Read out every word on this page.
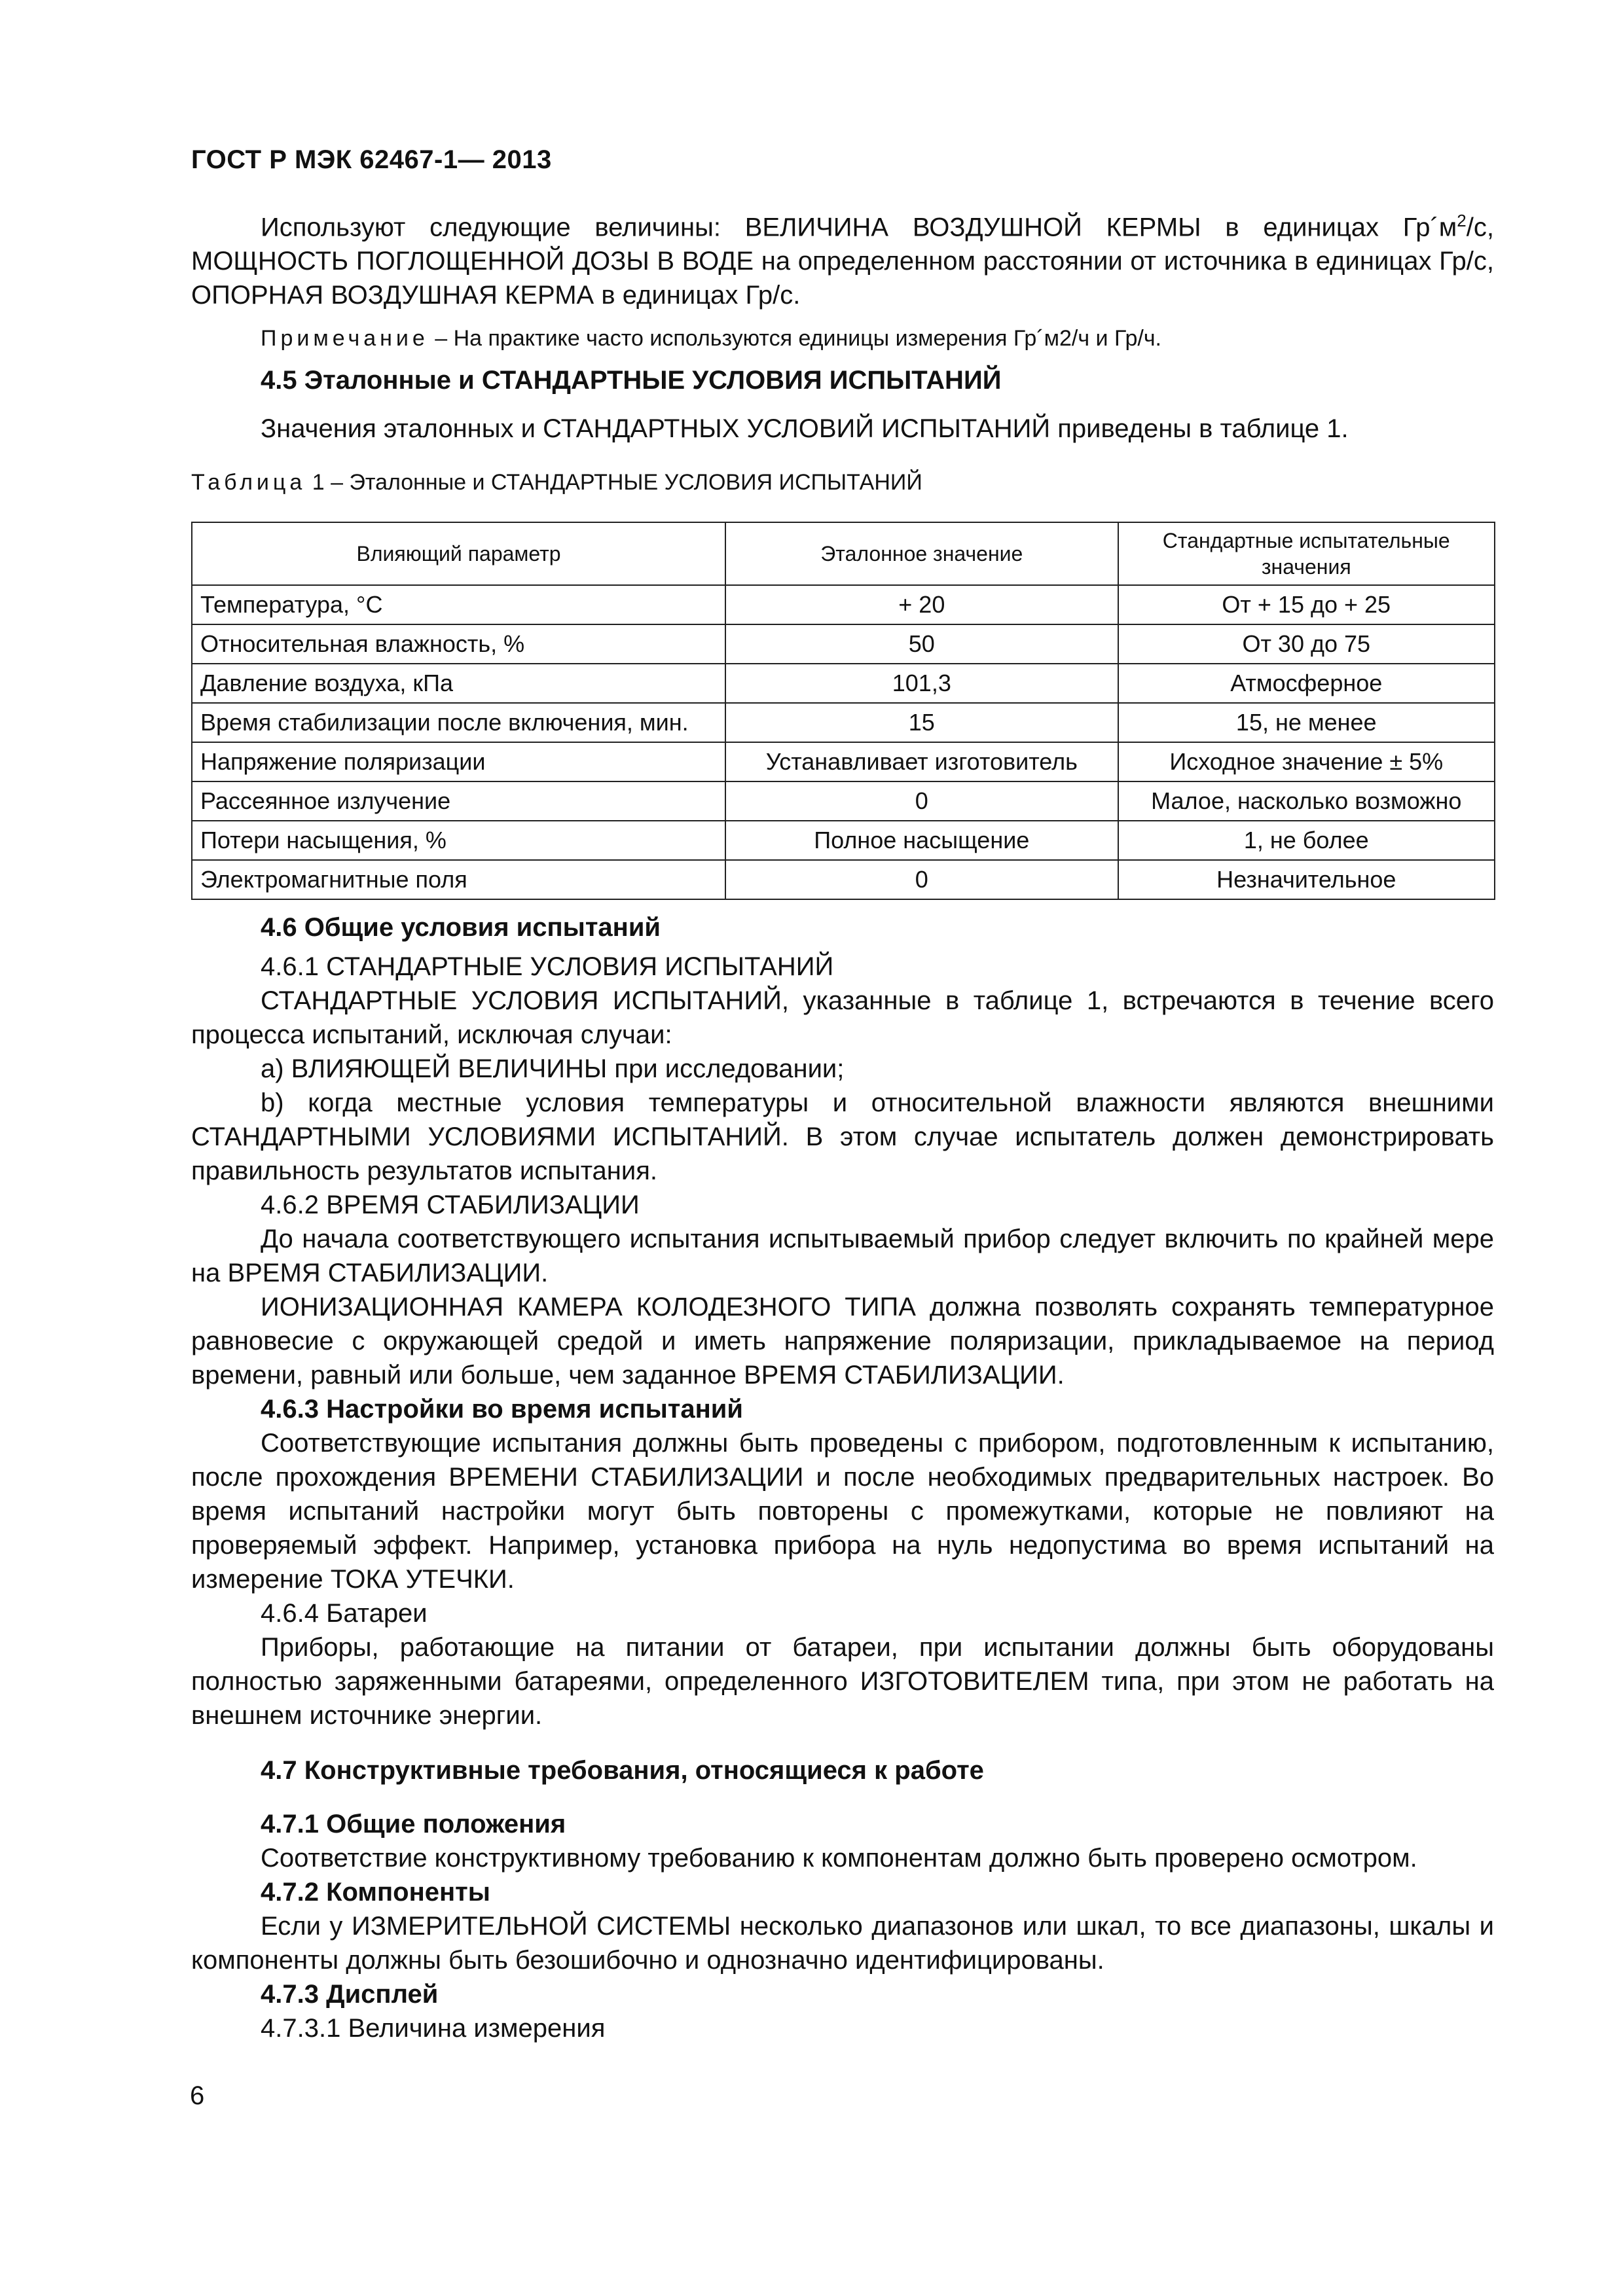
ГОСТ Р МЭК 62467-1— 2013

Используют следующие величины: ВЕЛИЧИНА ВОЗДУШНОЙ КЕРМЫ в единицах $Гр´м^2/с$, МОЩНОСТЬ ПОГЛОЩЕННОЙ ДОЗЫ В ВОДЕ на определенном расстоянии от источника в единицах Гр/с, ОПОРНАЯ ВОЗДУШНАЯ КЕРМА в единицах Гр/с.

Примечание – На практике часто используются единицы измерения Гр´м2/ч и Гр/ч.

4.5 Эталонные и СТАНДАРТНЫЕ УСЛОВИЯ ИСПЫТАНИЙ

Значения эталонных и СТАНДАРТНЫХ УСЛОВИЙ ИСПЫТАНИЙ приведены в таблице 1.

Таблица 1 – Эталонные и СТАНДАРТНЫЕ УСЛОВИЯ ИСПЫТАНИЙ

Влияющий параметр	Эталонное значение	Стандартные испытательные значения
Температура, °С	+ 20	От + 15 до + 25
Относительная влажность, %	50	От 30 до 75
Давление воздуха, кПа	101,3	Атмосферное
Время стабилизации после включения, мин.	15	15, не менее
Напряжение поляризации	Устанавливает изготовитель	Исходное значение ± 5%
Рассеянное излучение	0	Малое, насколько возможно
Потери насыщения, %	Полное насыщение	1, не более
Электромагнитные поля	0	Незначительное

4.6 Общие условия испытаний

4.6.1 СТАНДАРТНЫЕ УСЛОВИЯ ИСПЫТАНИЙ

СТАНДАРТНЫЕ УСЛОВИЯ ИСПЫТАНИЙ, указанные в таблице 1, встречаются в течение всего процесса испытаний, исключая случаи:

a) ВЛИЯЮЩЕЙ ВЕЛИЧИНЫ при исследовании;

b) когда местные условия температуры и относительной влажности являются внешними СТАНДАРТНЫМИ УСЛОВИЯМИ ИСПЫТАНИЙ. В этом случае испытатель должен демонстрировать правильность результатов испытания.

4.6.2 ВРЕМЯ СТАБИЛИЗАЦИИ

До начала соответствующего испытания испытываемый прибор следует включить по крайней мере на ВРЕМЯ СТАБИЛИЗАЦИИ.

ИОНИЗАЦИОННАЯ КАМЕРА КОЛОДЕЗНОГО ТИПА должна позволять сохранять температурное равновесие с окружающей средой и иметь напряжение поляризации, прикладываемое на период времени, равный или больше, чем заданное ВРЕМЯ СТАБИЛИЗАЦИИ.

4.6.3 Настройки во время испытаний

Соответствующие испытания должны быть проведены с прибором, подготовленным к испытанию, после прохождения ВРЕМЕНИ СТАБИЛИЗАЦИИ и после необходимых предварительных настроек. Во время испытаний настройки могут быть повторены с промежутками, которые не повлияют на проверяемый эффект. Например, установка прибора на нуль недопустима во время испытаний на измерение ТОКА УТЕЧКИ.

4.6.4 Батареи

Приборы, работающие на питании от батареи, при испытании должны быть оборудованы полностью заряженными батареями, определенного ИЗГОТОВИТЕЛЕМ типа, при этом не работать на внешнем источнике энергии.

4.7 Конструктивные требования, относящиеся к работе

4.7.1 Общие положения

Соответствие конструктивному требованию к компонентам должно быть проверено осмотром.

4.7.2 Компоненты

Если у ИЗМЕРИТЕЛЬНОЙ СИСТЕМЫ несколько диапазонов или шкал, то все диапазоны, шкалы и компоненты должны быть безошибочно и однозначно идентифицированы.

4.7.3 Дисплей

4.7.3.1 Величина измерения

6
